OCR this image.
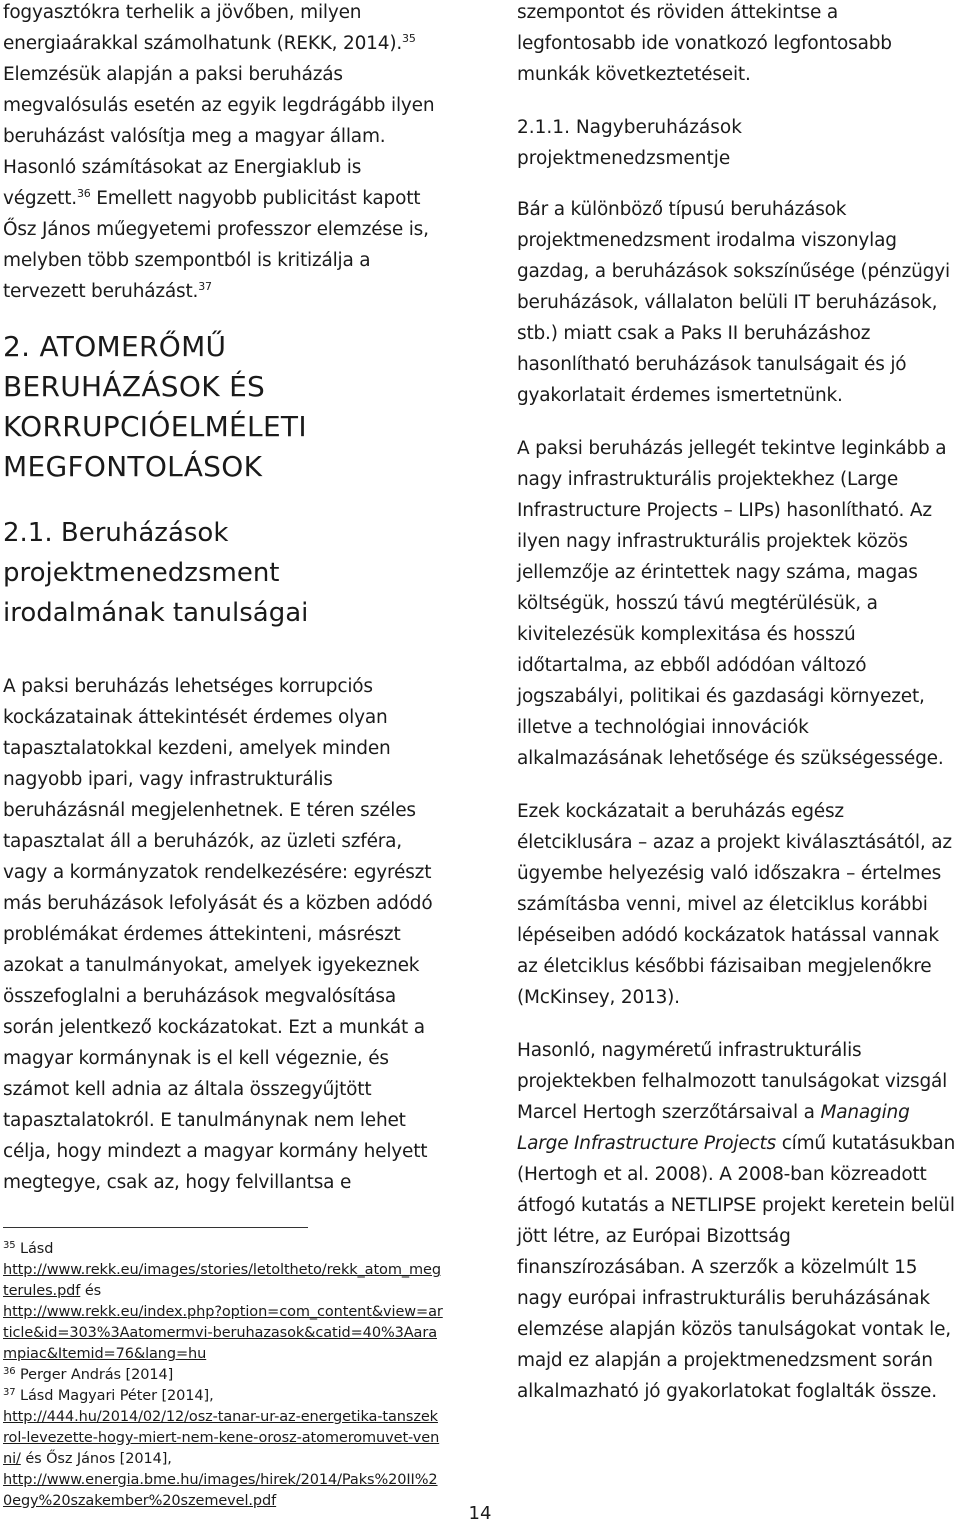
fogyasztókra terhelik a jövőben, milyen energiaárakkal számolhatunk (REKK, 2014).$^{35}$ Elemzésük alapján a paksi beruházás megvalósulás esetén az egyik legdrágább ilyen beruházást valósítja meg a magyar állam. Hasonló számításokat az Energiaklub is végzett.$^{36}$ Emellett nagyobb publicitást kapott Ősz János műegyetemi professzor elemzése is, melyben több szempontból is kritizálja a tervezett beruházást.$^{37}$

2. ATOMERŐMŰ BERUHÁZÁSOK ÉS KORRUPCIÓELMÉLETI MEGFONTOLÁSOK
2.1. Beruházások projektmenedzsment irodalmának tanulságai

A paksi beruházás lehetséges korrupciós kockázatainak áttekintését érdemes olyan tapasztalatokkal kezdeni, amelyek minden nagyobb ipari, vagy infrastrukturális beruházásnál megjelenhetnek. E téren széles tapasztalat áll a beruházók, az üzleti szféra, vagy a kormányzatok rendelkezésére: egyrészt más beruházások lefolyását és a közben adódó problémákat érdemes áttekinteni, másrészt azokat a tanulmányokat, amelyek igyekeznek összefoglalni a beruházások megvalósítása során jelentkező kockázatokat. Ezt a munkát a magyar kormánynak is el kell végeznie, és számot kell adnia az általa összegyűjtött tapasztalatokról. E tanulmánynak nem lehet célja, hogy mindezt a magyar kormány helyett megtegye, csak az, hogy felvillantsa e

$^{35}$ Lásd
http://www.rekk.eu/images/stories/letoltheto/rekk_atom_megterules.pdf és
http://www.rekk.eu/index.php?option=com_content&view=article&id=303%3Aatomermvi-beruhazasok&catid=40%3Aarampiac&Itemid=76&lang=hu

$^{36}$ Perger András [2014]

$^{37}$ Lásd Magyari Péter [2014],
http://444.hu/2014/02/12/osz-tanar-ur-az-energetika-tanszekrol-levezette-hogy-miert-nem-kene-orosz-atomeromuvet-venni/ és Ősz János [2014],
http://www.energia.bme.hu/images/hirek/2014/Paks%20II%20egy%20szakember%20szemevel.pdf

szempontot és röviden áttekintse a legfontosabb ide vonatkozó legfontosabb munkák következtetéseit.

2.1.1. Nagyberuházások projektmenedzsmentje

Bár a különböző típusú beruházások projektmenedzsment irodalma viszonylag gazdag, a beruházások sokszínűsége (pénzügyi beruházások, vállalaton belüli IT beruházások, stb.) miatt csak a Paks II beruházáshoz hasonlítható beruházások tanulságait és jó gyakorlatait érdemes ismertetnünk.

A paksi beruházás jellegét tekintve leginkább a nagy infrastrukturális projektekhez (Large Infrastructure Projects – LIPs) hasonlítható. Az ilyen nagy infrastrukturális projektek közös jellemzője az érintettek nagy száma, magas költségük, hosszú távú megtérülésük, a kivitelezésük komplexitása és hosszú időtartalma, az ebből adódóan változó jogszabályi, politikai és gazdasági környezet, illetve a technológiai innovációk alkalmazásának lehetősége és szükségessége.

Ezek kockázatait a beruházás egész életciklusára – azaz a projekt kiválasztásától, az ügyembe helyezésig való időszakra – értelmes számításba venni, mivel az életciklus korábbi lépéseiben adódó kockázatok hatással vannak az életciklus későbbi fázisaiban megjelenőkre (McKinsey, 2013).

Hasonló, nagyméretű infrastrukturális projektekben felhalmozott tanulságokat vizsgál Marcel Hertogh szerzőtársaival a Managing Large Infrastructure Projects című kutatásukban (Hertogh et al. 2008). A 2008-ban közreadott átfogó kutatás a NETLIPSE projekt keretein belül jött létre, az Európai Bizottság finanszírozásában. A szerzők a közelmúlt 15 nagy európai infrastrukturális beruházásának elemzése alapján közös tanulságokat vontak le, majd ez alapján a projektmenedzsment során alkalmazható jó gyakorlatokat foglalták össze.

14
